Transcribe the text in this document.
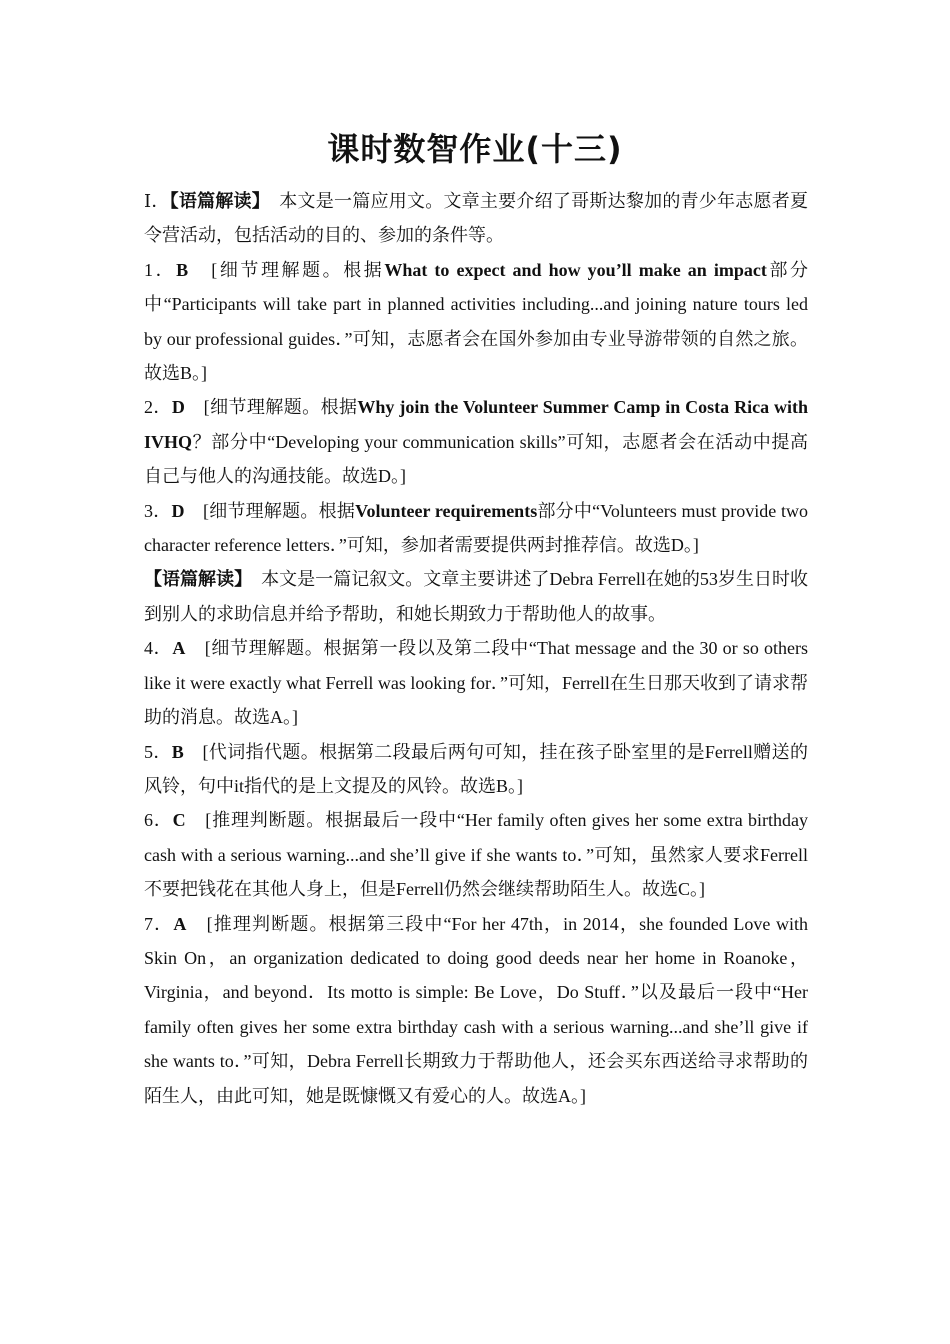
课时数智作业(十三)

Ⅰ．【语篇解读】　本文是一篇应用文。文章主要介绍了哥斯达黎加的青少年志愿者夏令营活动，包括活动的目的、参加的条件等。

1．B　[细节理解题。根据What to expect and how you’ll make an impact部分中“Participants will take part in planned activities including...and joining nature tours led by our professional guides．”可知，志愿者会在国外参加由专业导游带领的自然之旅。故选B。]

2．D　[细节理解题。根据Why join the Volunteer Summer Camp in Costa Rica with IVHQ？部分中“Developing your communication skills”可知，志愿者会在活动中提高自己与他人的沟通技能。故选D。]

3．D　[细节理解题。根据Volunteer requirements部分中“Volunteers must provide two character reference letters．”可知，参加者需要提供两封推荐信。故选D。]

【语篇解读】　本文是一篇记叙文。文章主要讲述了Debra Ferrell在她的53岁生日时收到别人的求助信息并给予帮助，和她长期致力于帮助他人的故事。

4．A　[细节理解题。根据第一段以及第二段中“That message and the 30 or so others like it were exactly what Ferrell was looking for．”可知，Ferrell在生日那天收到了请求帮助的消息。故选A。]

5．B　[代词指代题。根据第二段最后两句可知，挂在孩子卧室里的是Ferrell赠送的风铃，句中it指代的是上文提及的风铃。故选B。]

6．C　[推理判断题。根据最后一段中“Her family often gives her some extra birthday cash with a serious warning...and she’ll give if she wants to．”可知，虽然家人要求Ferrell不要把钱花在其他人身上，但是Ferrell仍然会继续帮助陌生人。故选C。]

7．A　[推理判断题。根据第三段中“For her 47th，in 2014，she founded Love with Skin On，an organization dedicated to doing good deeds near her home in Roanoke，Virginia，and beyond．Its motto is simple: Be Love，Do Stuff．”以及最后一段中“Her family often gives her some extra birthday cash with a serious warning...and she’ll give if she wants to．”可知，Debra Ferrell长期致力于帮助他人，还会买东西送给寻求帮助的陌生人，由此可知，她是既慷慨又有爱心的人。故选A。]
